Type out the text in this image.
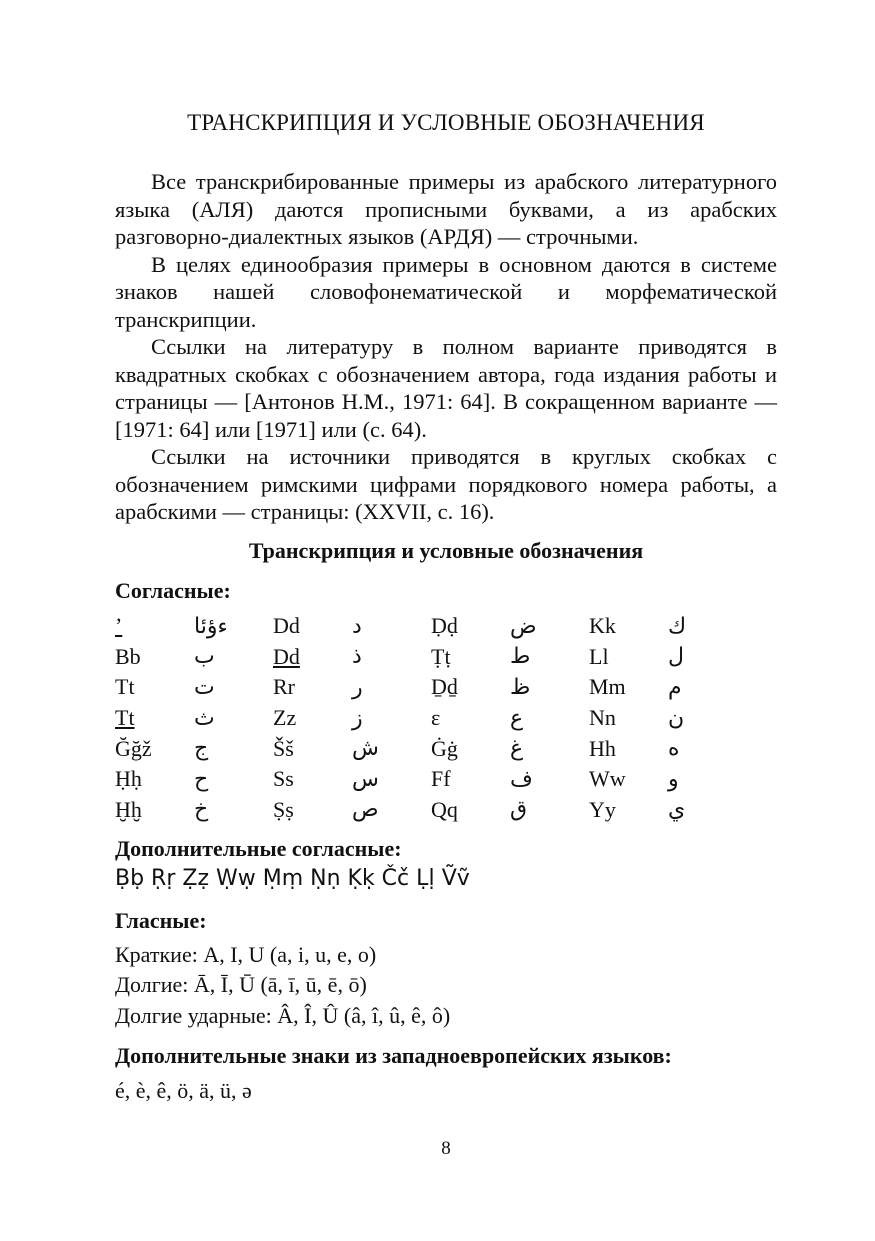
ТРАНСКРИПЦИЯ И УСЛОВНЫЕ ОБОЗНАЧЕНИЯ

Все транскрибированные примеры из арабского литературного языка (АЛЯ) даются прописными буквами, а из арабских разговорно-диалектных языков (АРДЯ) — строчными.

В целях единообразия примеры в основном даются в системе знаков нашей словофонематической и морфематической транскрипции.

Ссылки на литературу в полном варианте приводятся в квадратных скобках с обозначением автора, года издания работы и страницы — [Антонов Н.М., 1971: 64]. В сокращенном варианте — [1971: 64] или [1971] или (с. 64).

Ссылки на источники приводятся в круглых скобках с обозначением римскими цифрами порядкового номера работы, а арабскими — страницы: (XXVII, с. 16).

Транскрипция и условные обозначения
Согласные:
’	ءؤئا	Dd	د	Ḍḍ	ض	Kk	ك
Bb	ب	Dd	ذ	Ṭṭ	ط	Ll	ل
Tt	ت	Rr	ر	Ḏḏ	ظ	Mm	م
Tt	ث	Zz	ز	ε	ع	Nn	ن
Ğğž	ج	Šš	ش	Ġġ	غ	Hh	ه
Ḥḥ	ح	Ss	س	Ff	ف	Ww	و
Ḫḫ	خ	Ṣṣ	ص	Qq	ق	Yy	ي
Дополнительные согласные:
Ḅḅ Ṛṛ Ẓẓ Ẉẉ Ṃṃ Ṇṇ Ḳḳ Čč Ḷḷ Ṽṽ
Гласные:

Краткие: A, I, U (a, i, u, e, o)

Долгие: Ā, Ī, Ū (ā, ī, ū, ē, ō)

Долгие ударные: Â, Î, Û (â, î, û, ê, ô)

Дополнительные знаки из западноевропейских языков:

é, è, ê, ö, ä, ü, ə

8
